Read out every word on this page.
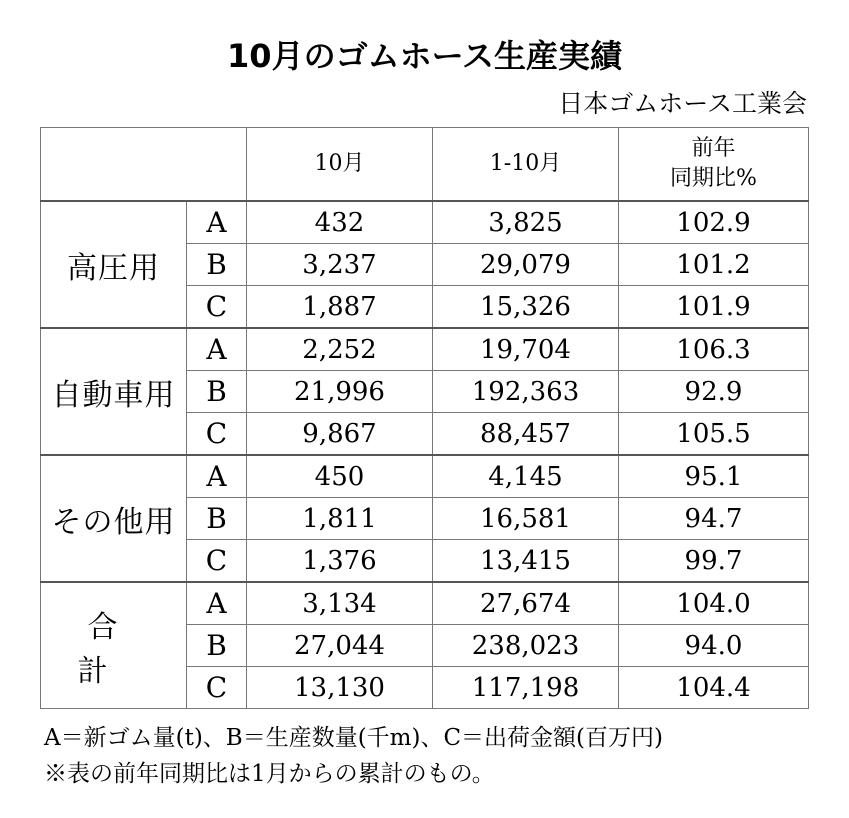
10月のゴムホース生産実績
日本ゴムホース工業会
		10月	1-10月	前年
同期比%

高圧用	A	432	3,825	102.9
	B	3,237	29,079	101.2
	C	1,887	15,326	101.9
自動車用	A	2,252	19,704	106.3
	B	21,996	192,363	92.9
	C	9,867	88,457	105.5
その他用	A	450	4,145	95.1
	B	1,811	16,581	94.7
	C	1,376	13,415	99.7
合計	A	3,134	27,674	104.0
	B	27,044	238,023	94.0
	C	13,130	117,198	104.4
A＝新ゴム量(t)、B＝生産数量(千m)、C＝出荷金額(百万円)
※表の前年同期比は1月からの累計のもの。
